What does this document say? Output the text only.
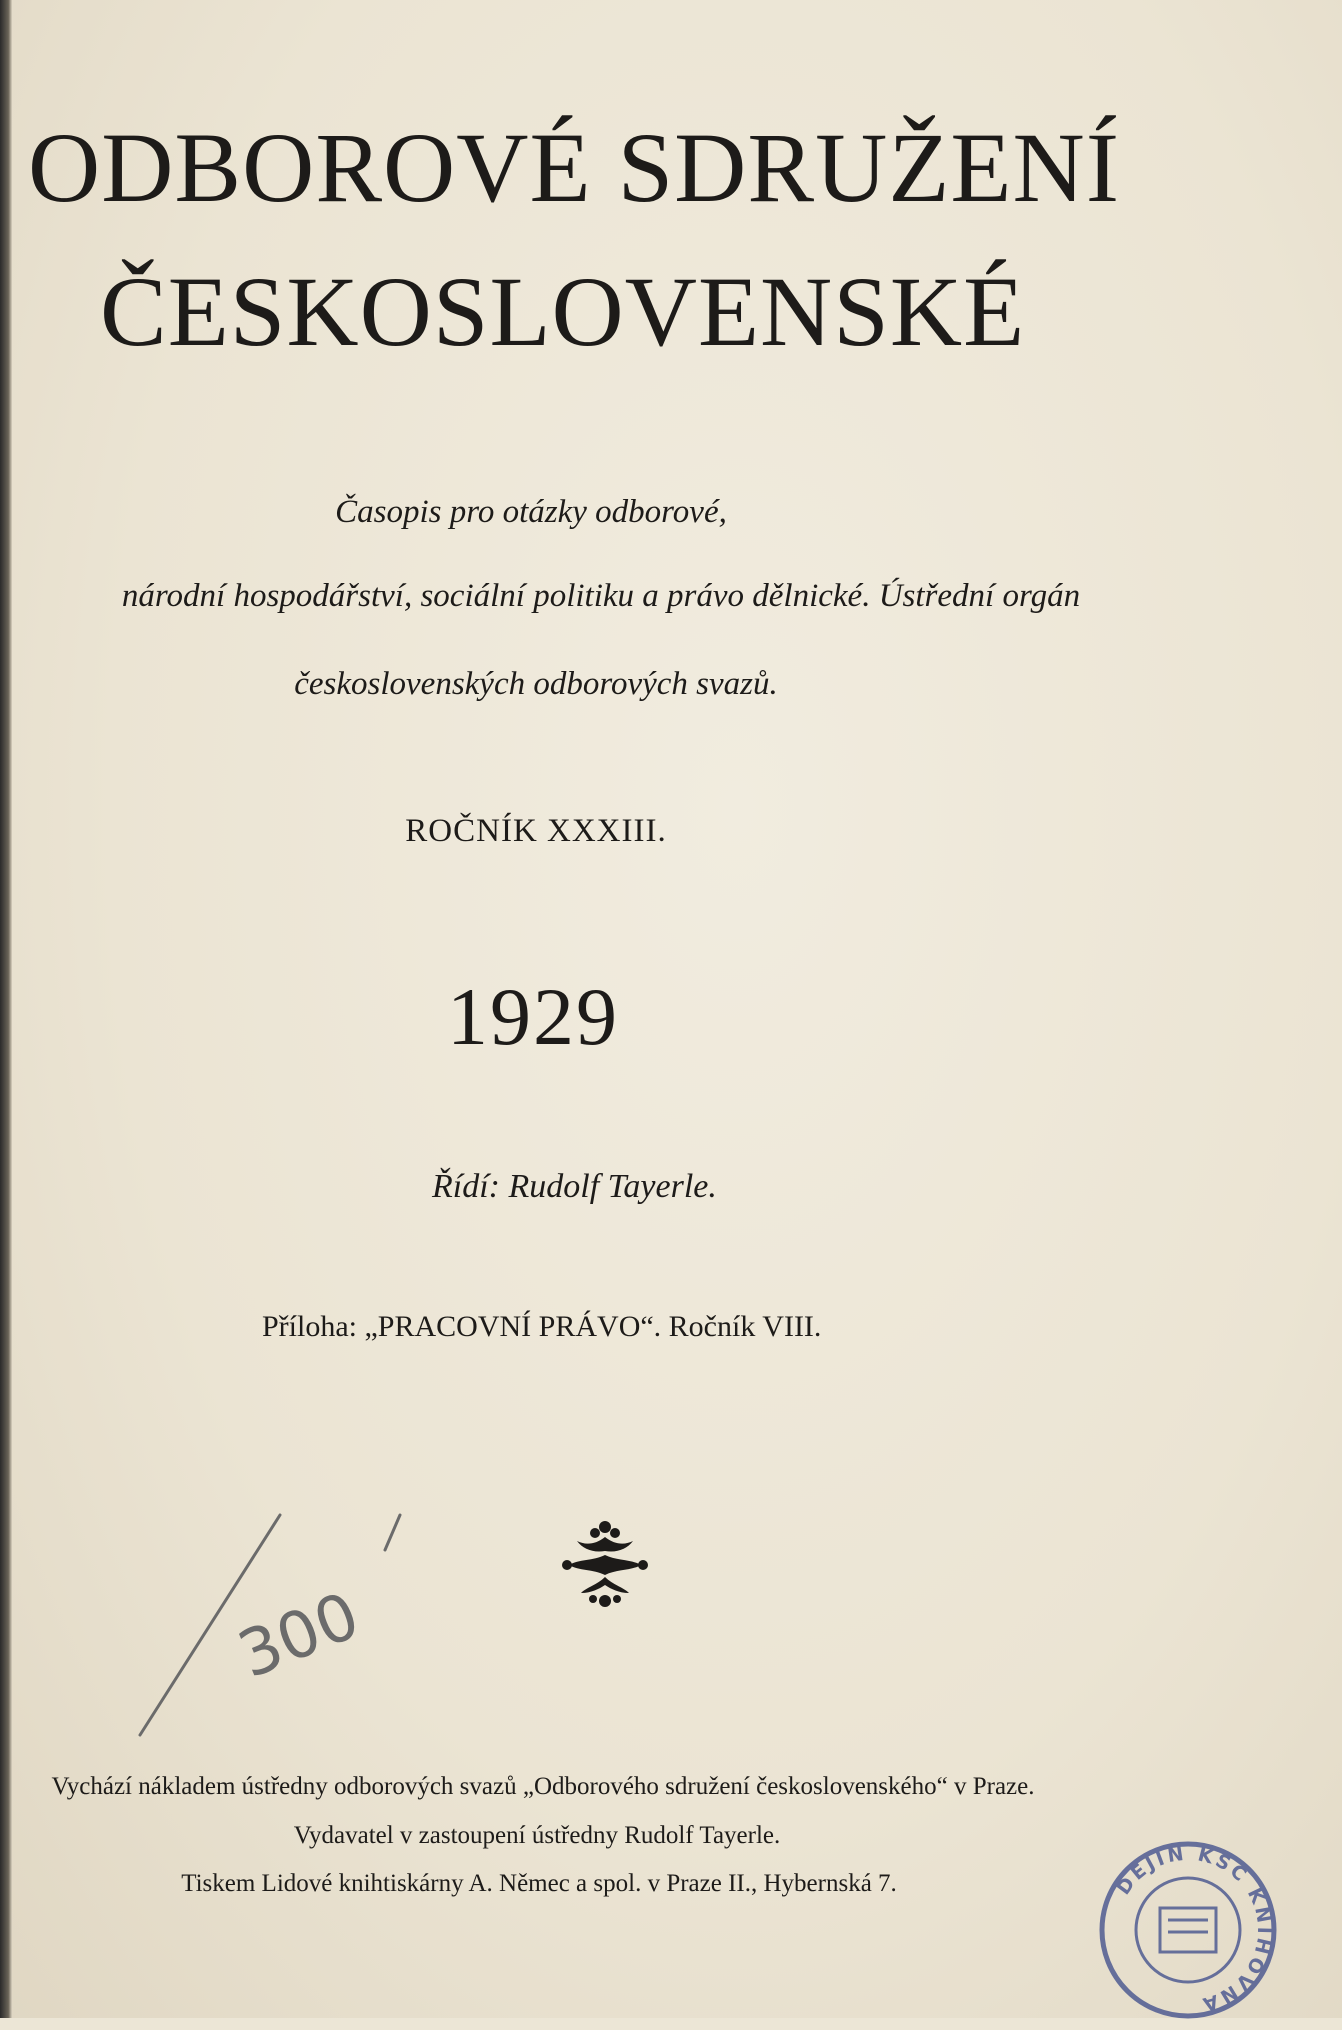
ODBOROVÉ SDRUŽENÍ
ČESKOSLOVENSKÉ
Časopis pro otázky odborové,
národní hospodářství, sociální politiku a právo dělnické. Ústřední orgán
československých odborových svazů.
ROČNÍK XXXIII.
1929
Řídí: Rudolf Tayerle.
Příloha: „PRACOVNÍ PRÁVO“. Ročník VIII.
300
Vychází nákladem ústředny odborových svazů „Odborového sdružení československého“ v Praze.
Vydavatel v zastoupení ústředny Rudolf Tayerle.
Tiskem Lidové knihtiskárny A. Němec a spol. v Praze II., Hybernská 7.	DĚJIN KSČ KNIHOVNA
